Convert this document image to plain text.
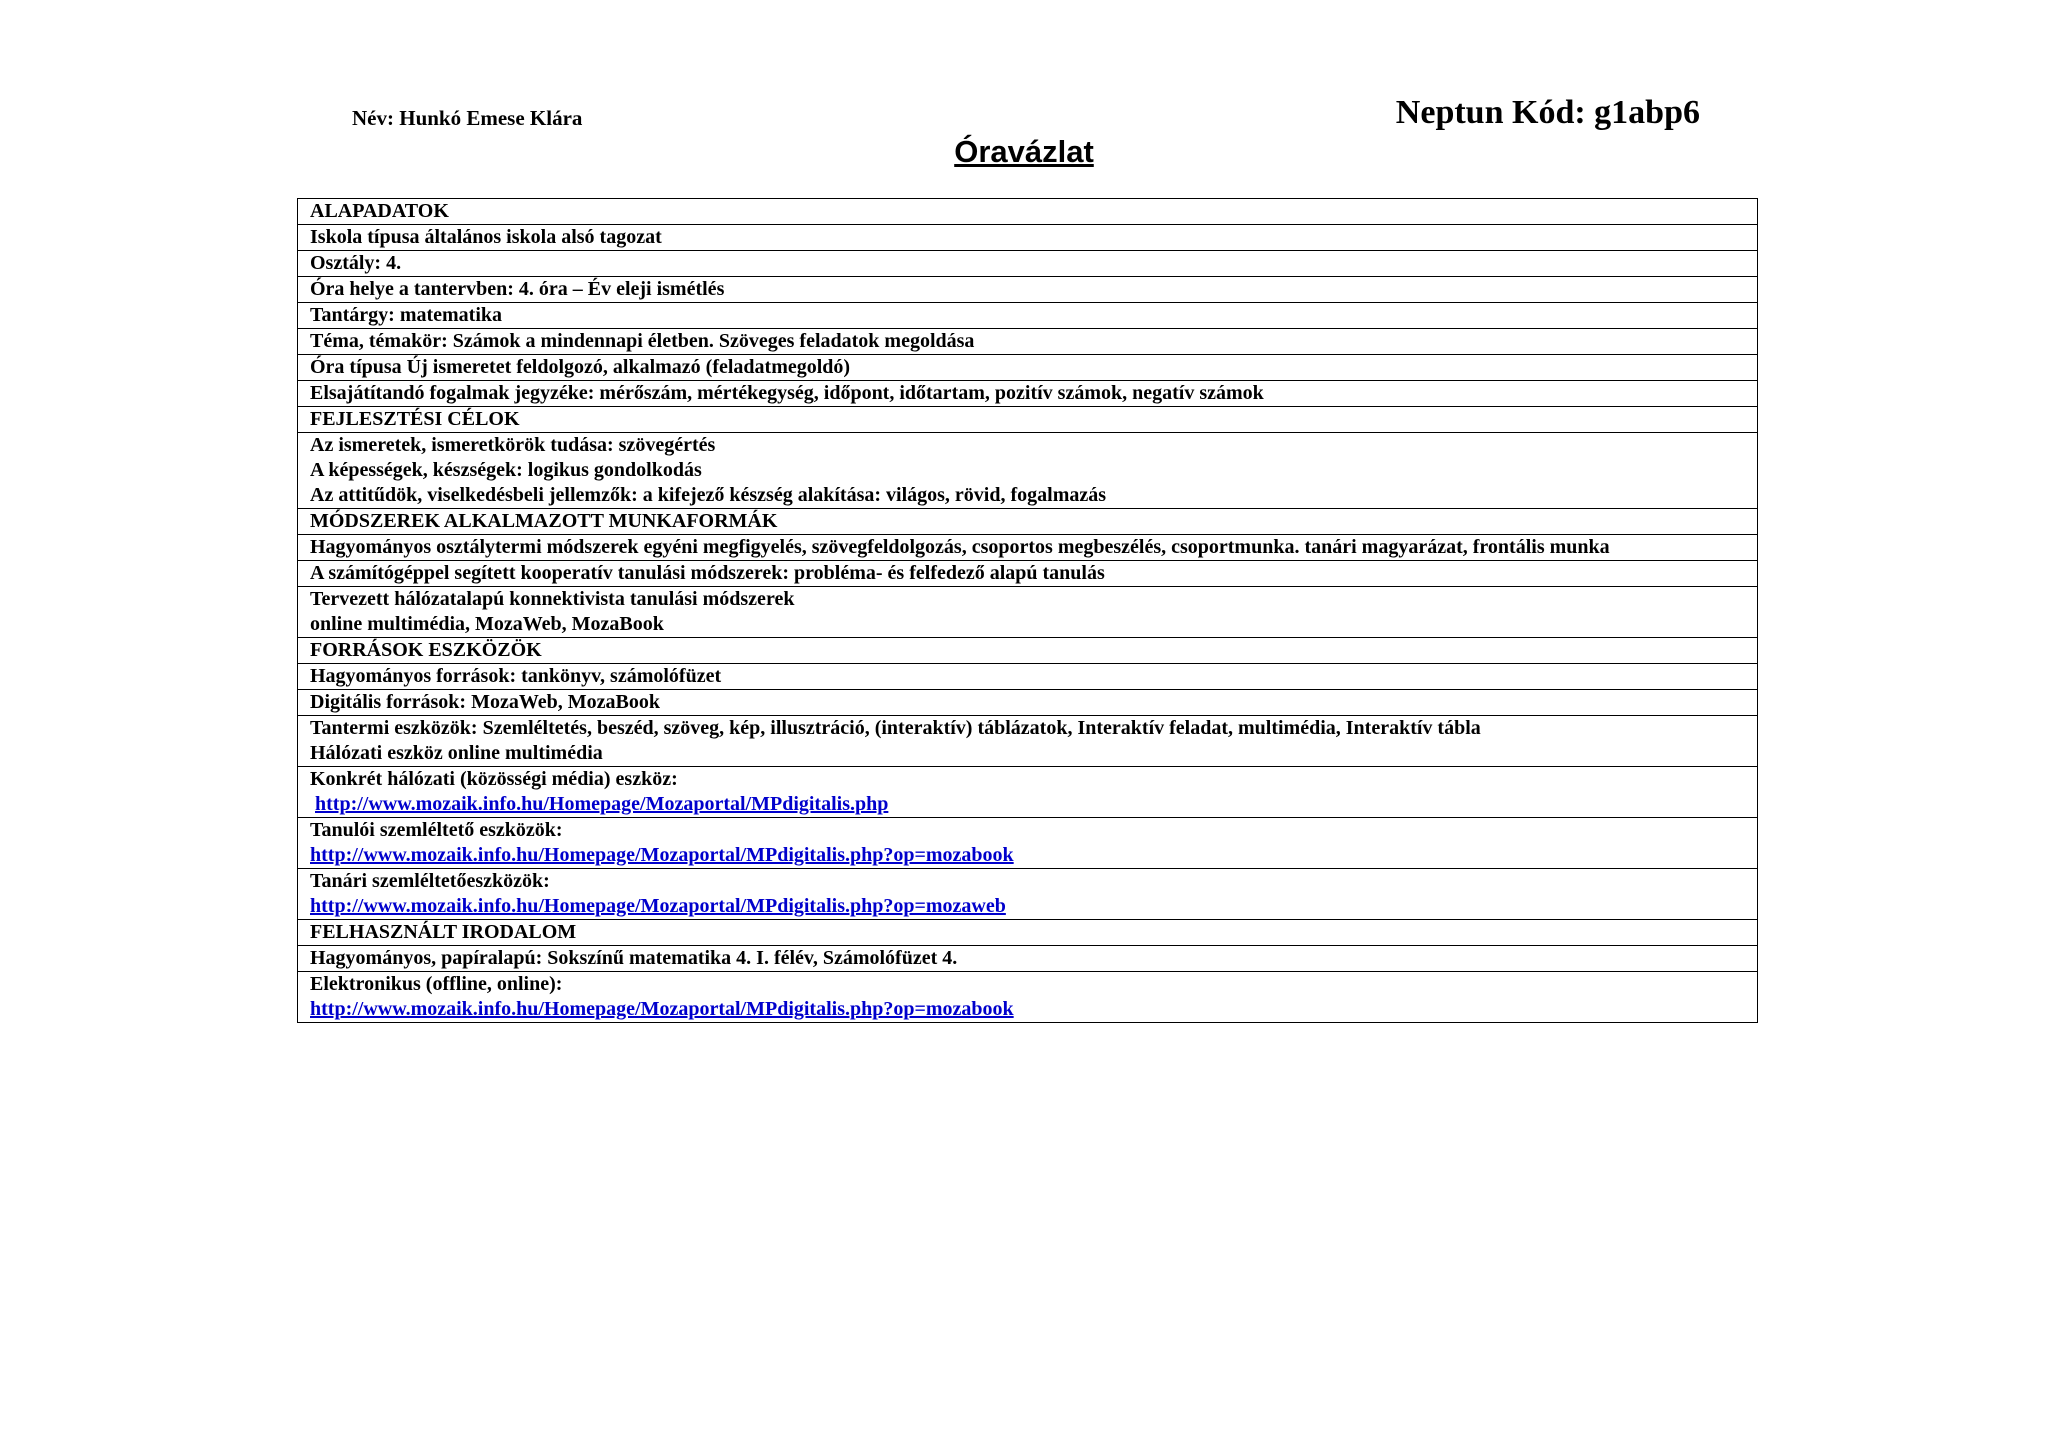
Név: Hunkó Emese Klára	Neptun Kód: g1abp6
Óravázlat
ALAPADATOK
Iskola típusa általános iskola alsó tagozat
Osztály: 4.
Óra helye a tantervben: 4. óra – Év eleji ismétlés
Tantárgy: matematika
Téma, témakör: Számok a mindennapi életben. Szöveges feladatok megoldása
Óra típusa Új ismeretet feldolgozó, alkalmazó (feladatmegoldó)
Elsajátítandó fogalmak jegyzéke: mérőszám, mértékegység, időpont, időtartam, pozitív számok, negatív számok
FEJLESZTÉSI CÉLOK

Az ismeretek, ismeretkörök tudása: szövegértés
A képességek, készségek: logikus gondolkodás
Az attitűdök, viselkedésbeli jellemzők: a kifejező készség alakítása: világos, rövid, fogalmazás

MÓDSZEREK ALKALMAZOTT MUNKAFORMÁK
Hagyományos osztálytermi módszerek egyéni megfigyelés, szövegfeldolgozás, csoportos megbeszélés, csoportmunka. tanári magyarázat, frontális munka
A számítógéppel segített kooperatív tanulási módszerek: probléma- és felfedező alapú tanulás

Tervezett hálózatalapú konnektivista tanulási módszerek
online multimédia, MozaWeb, MozaBook

FORRÁSOK ESZKÖZÖK
Hagyományos források: tankönyv, számolófüzet
Digitális források: MozaWeb, MozaBook

Tantermi eszközök: Szemléltetés, beszéd, szöveg, kép, illusztráció, (interaktív) táblázatok, Interaktív feladat, multimédia, Interaktív tábla
Hálózati eszköz online multimédia

Konkrét hálózati (közösségi média) eszköz:
http://www.mozaik.info.hu/Homepage/Mozaportal/MPdigitalis.php

Tanulói szemléltető eszközök:
http://www.mozaik.info.hu/Homepage/Mozaportal/MPdigitalis.php?op=mozabook

Tanári szemléltetőeszközök:
http://www.mozaik.info.hu/Homepage/Mozaportal/MPdigitalis.php?op=mozaweb

FELHASZNÁLT IRODALOM
Hagyományos, papíralapú: Sokszínű matematika 4. I. félév, Számolófüzet 4.

Elektronikus (offline, online):
http://www.mozaik.info.hu/Homepage/Mozaportal/MPdigitalis.php?op=mozabook
